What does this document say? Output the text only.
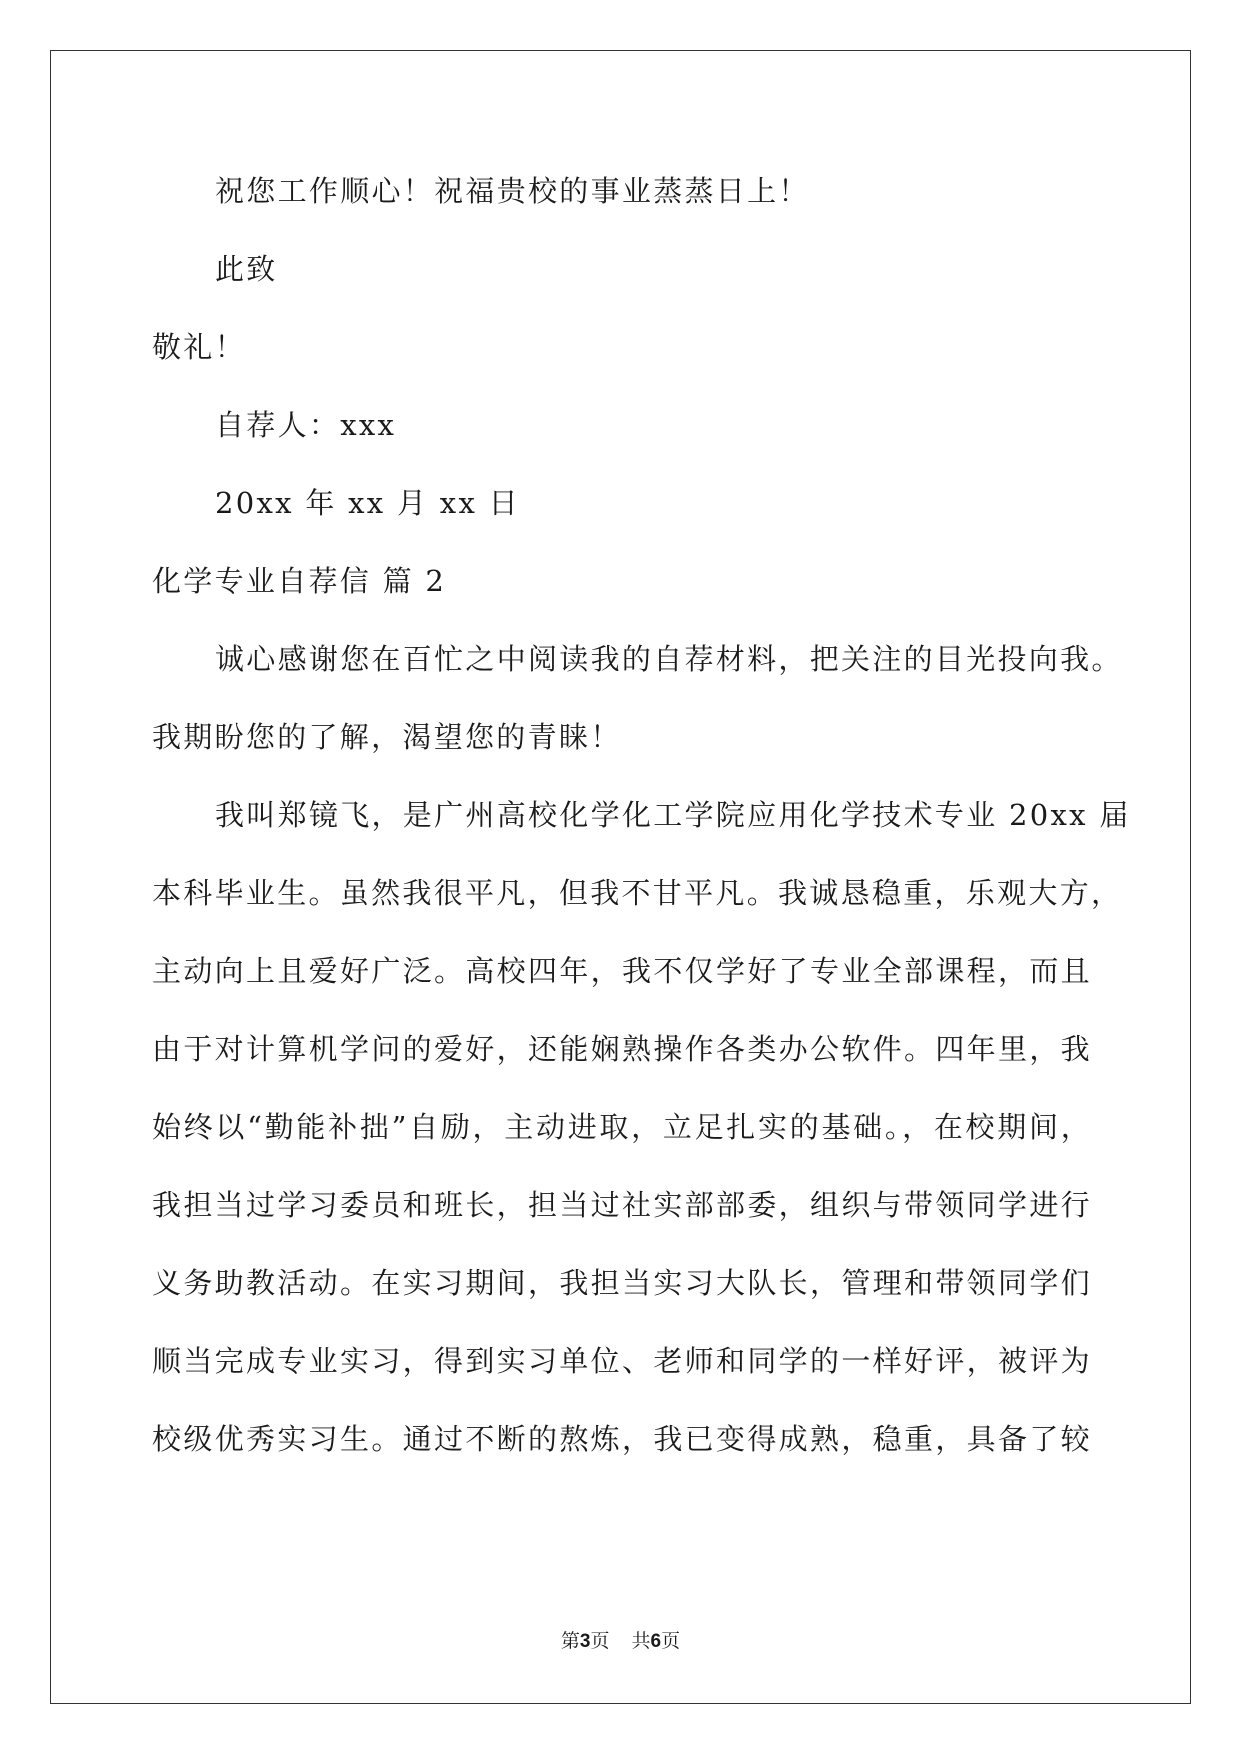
祝您工作顺心！祝福贵校的事业蒸蒸日上！
此致
敬礼！
自荐人：xxx
20xx 年 xx 月 xx 日
化学专业自荐信 篇 2
诚心感谢您在百忙之中阅读我的自荐材料，把关注的目光投向我。
我期盼您的了解，渴望您的青睐！
我叫郑镜飞，是广州高校化学化工学院应用化学技术专业 20xx 届
本科毕业生。虽然我很平凡，但我不甘平凡。我诚恳稳重，乐观大方，
主动向上且爱好广泛。高校四年，我不仅学好了专业全部课程，而且
由于对计算机学问的爱好，还能娴熟操作各类办公软件。四年里，我
始终以“勤能补拙”自励，主动进取，立足扎实的基础。，在校期间，
我担当过学习委员和班长，担当过社实部部委，组织与带领同学进行
义务助教活动。在实习期间，我担当实习大队长，管理和带领同学们
顺当完成专业实习，得到实习单位、老师和同学的一样好评，被评为
校级优秀实习生。通过不断的熬炼，我已变得成熟，稳重，具备了较
第3页 共6页
